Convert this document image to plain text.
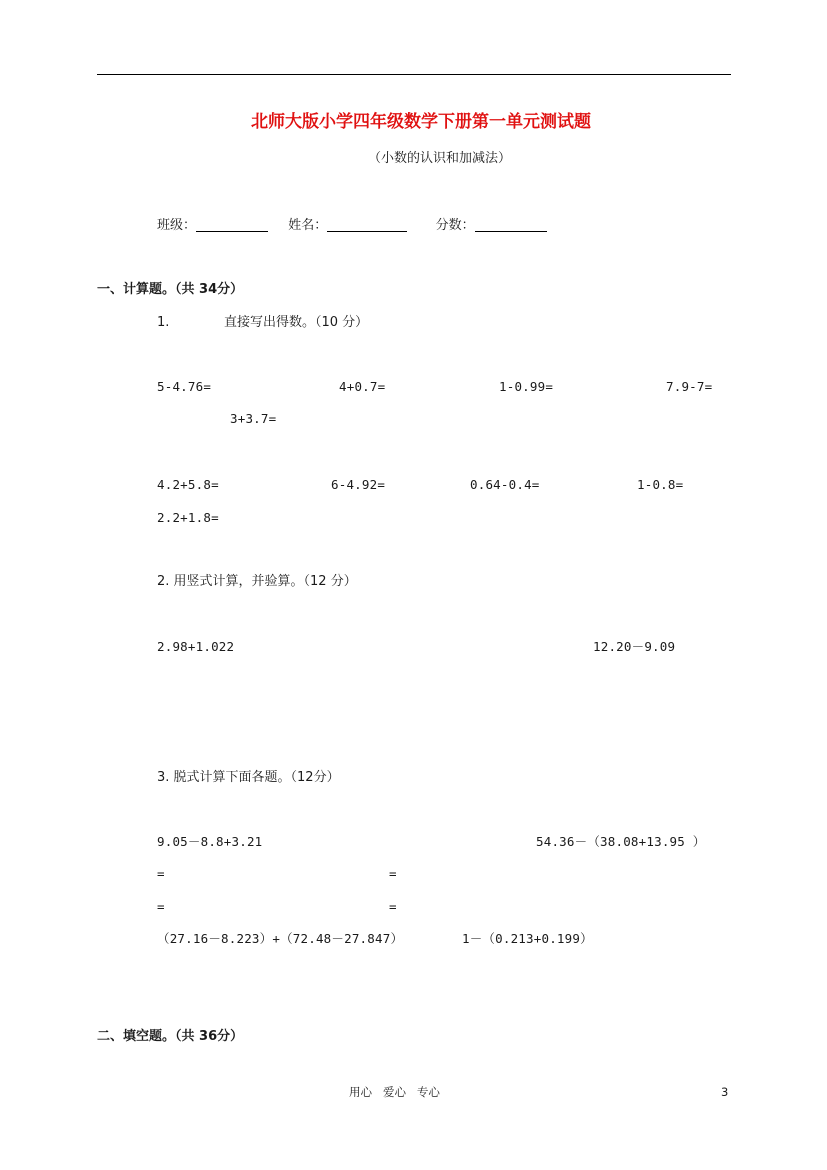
北师大版小学四年级数学下册第一单元测试题
（小数的认识和加减法）
班级：	姓名：	分数：
一、计算题。（共 34分）
1.	直接写出得数。（10 分）
5-4.76=	4+0.7=	1-0.99=	7.9-7=
3+3.7=
4.2+5.8=	6-4.92=	0.64-0.4=	1-0.8=
2.2+1.8=
2. 用竖式计算，并验算。（12 分）
2.98+1.022	12.20－9.09
3. 脱式计算下面各题。（12分）
9.05－8.8+3.21	54.36－（38.08+13.95 ）
=	=
=	=
（27.16－8.223）+（72.48－27.847）	1－（0.213+0.199）
二、填空题。（共 36分）
用心   爱心   专心	3
